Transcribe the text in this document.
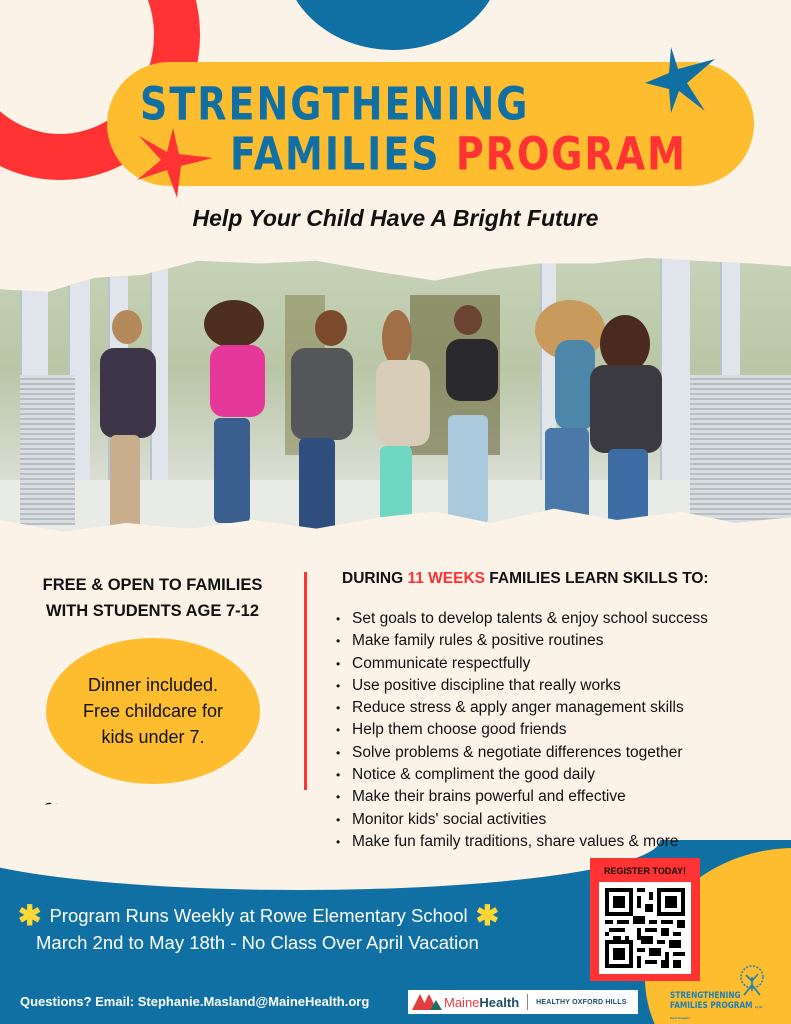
STRENGTHENING
FAMILIES PROGRAM
Help Your Child Have A Bright Future
FREE & OPEN TO FAMILIES
WITH STUDENTS AGE 7-12
Dinner included.
Free childcare for
kids under 7.
DURING 11 WEEKS FAMILIES LEARN SKILLS TO:
• Set goals to develop talents & enjoy school success
• Make family rules & positive routines
• Communicate respectfully
• Use positive discipline that really works
• Reduce stress & apply anger management skills
• Help them choose good friends
• Solve problems & negotiate differences together
• Notice & compliment the good daily
• Make their brains powerful and effective
• Monitor kids' social activities
• Make fun family traditions, share values & more
✱ Program Runs Weekly at Rowe Elementary School ✱
March 2nd to May 18th - No Class Over April Vacation
REGISTER TODAY!
Questions? Email: Stephanie.Masland@MaineHealth.org	MaineHealth HEALTHY OXFORD HILLS
STRENGTHENING
FAMILIES PROGRAM by Dr. Karol Kumpfer
